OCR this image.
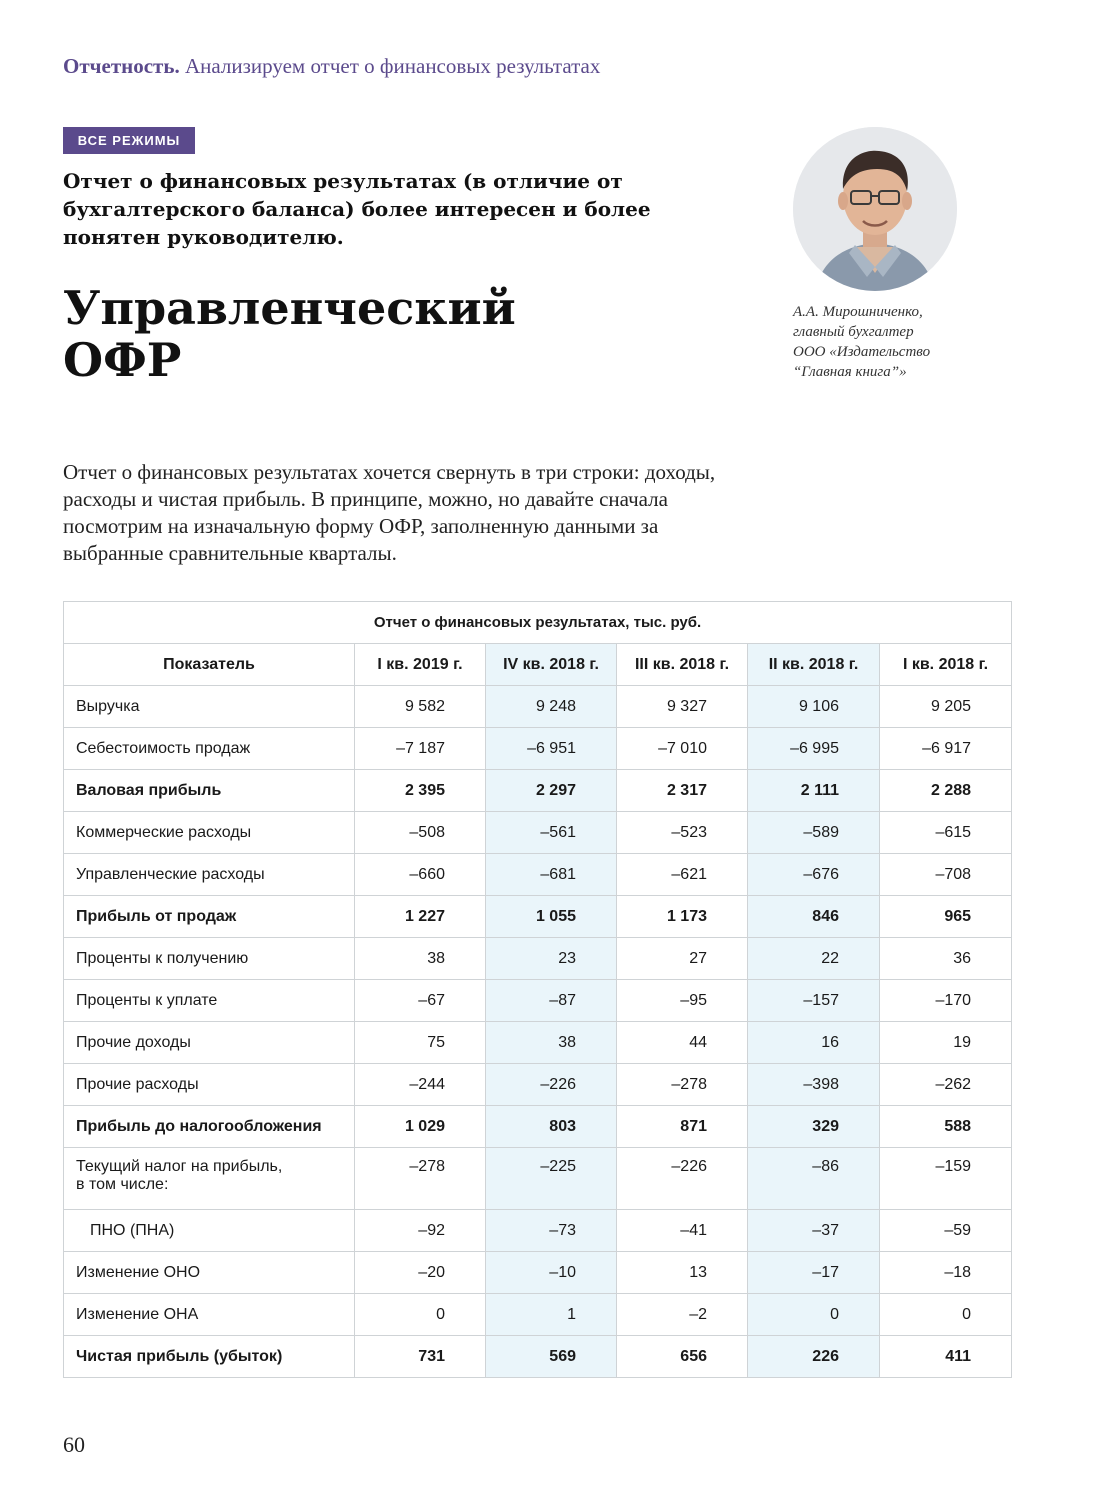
Отчетность. Анализируем отчет о финансовых результатах
ВСЕ РЕЖИМЫ
Отчет о финансовых результатах (в отличие от бухгалтерского баланса) более интересен и более понятен руководителю.
Управленческий
ОФР
А.А. Мирошниченко,
главный бухгалтер
ООО «Издательство
“Главная книга”»
Отчет о финансовых результатах хочется свернуть в три строки: доходы, расходы и чистая прибыль. В принципе, можно, но давайте сначала посмотрим на изначальную форму ОФР, заполненную данными за выбранные сравнительные кварталы.
Отчет о финансовых результатах, тыс. руб.					
Показатель	I кв. 2019 г.	IV кв. 2018 г.	III кв. 2018 г.	II кв. 2018 г.	I кв. 2018 г.
Выручка	9 582	9 248	9 327	9 106	9 205
Себестоимость продаж	–7 187	–6 951	–7 010	–6 995	–6 917
Валовая прибыль	2 395	2 297	2 317	2 111	2 288
Коммерческие расходы	–508	–561	–523	–589	–615
Управленческие расходы	–660	–681	–621	–676	–708
Прибыль от продаж	1 227	1 055	1 173	846	965
Проценты к получению	38	23	27	22	36
Проценты к уплате	–67	–87	–95	–157	–170
Прочие доходы	75	38	44	16	19
Прочие расходы	–244	–226	–278	–398	–262
Прибыль до налогообложения	1 029	803	871	329	588
Текущий налог на прибыль, в том числе:	–278	–225	–226	–86	–159
ПНО (ПНА)	–92	–73	–41	–37	–59
Изменение ОНО	–20	–10	13	–17	–18
Изменение ОНА	0	1	–2	0	0
Чистая прибыль (убыток)	731	569	656	226	411
60
